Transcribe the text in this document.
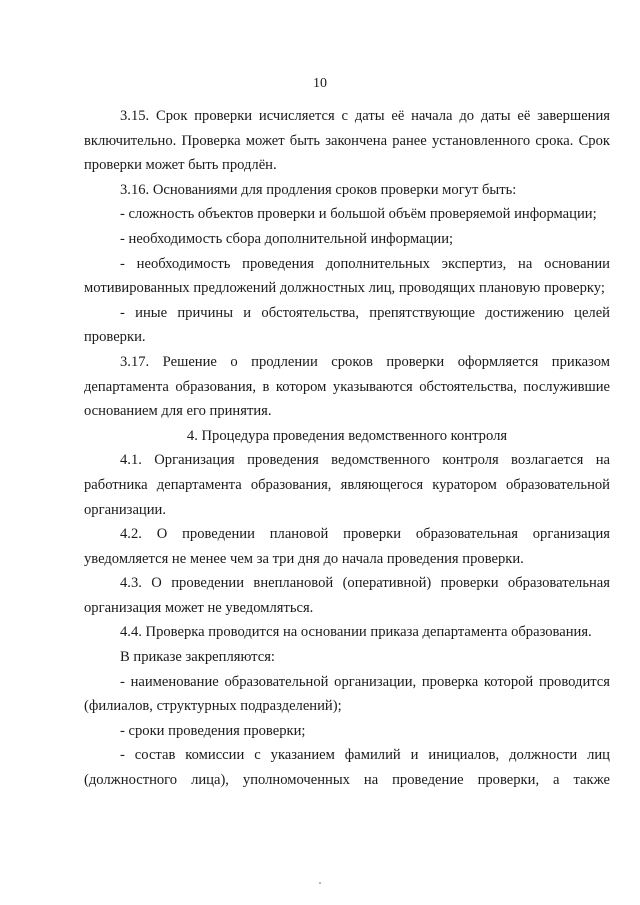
10

3.15. Срок проверки исчисляется с даты её начала до даты её завершения

включительно. Проверка может быть закончена ранее установленного срока. Срок

проверки может быть продлён.

3.16. Основаниями для продления сроков проверки могут быть:

- сложность объектов проверки и большой объём проверяемой информации;

- необходимость сбора дополнительной информации;

- необходимость проведения дополнительных экспертиз, на основании

мотивированных предложений должностных лиц, проводящих плановую проверку;

- иные причины и обстоятельства, препятствующие достижению целей

проверки.

3.17. Решение о продлении сроков проверки оформляется приказом

департамента образования, в котором указываются обстоятельства, послужившие

основанием для его принятия.

4. Процедура проведения ведомственного контроля

4.1. Организация проведения ведомственного контроля возлагается на

работника департамента образования, являющегося куратором образовательной

организации.

4.2. О проведении плановой проверки образовательная организация

уведомляется не менее чем за три дня до начала проведения проверки.

4.3. О проведении внеплановой (оперативной) проверки образовательная

организация может не уведомляться.

4.4. Проверка проводится на основании приказа департамента образования.

В приказе закрепляются:

- наименование образовательной организации, проверка которой проводится

(филиалов, структурных подразделений);

- сроки проведения проверки;

- состав комиссии с указанием фамилий и инициалов, должности лиц

(должностного лица), уполномоченных на проведение проверки, а также
